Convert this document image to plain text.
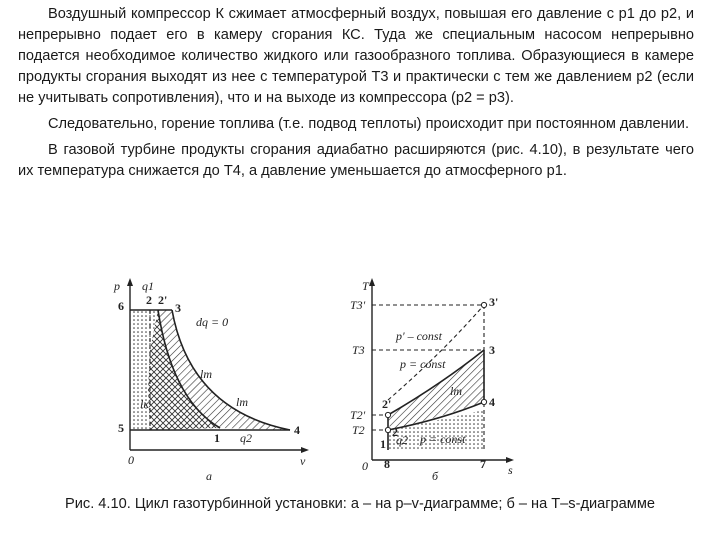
Воздушный компрессор К сжимает атмосферный воздух, повышая его давление с p1 до p2, и непрерывно подает его в камеру сгорания КС. Туда же специальным насосом непрерывно подается необходимое количество жидкого или газообразного топлива. Образующиеся в камере продукты сгорания выходят из нее с температурой T3 и практически с тем же давлением p2 (если не учитывать сопротивления), что и на выходе из компрессора (p2 = p3).

Следовательно, горение топлива (т.е. подвод теплоты) происходит при постоянном давлении.

В газовой турбине продукты сгорания адиабатно расширяются (рис. 4.10), в результате чего их температура снижается до T4, а давление уменьшается до атмосферного p1.

p q1
v
0
6 2 2'
3
5
1
4
dq = 0
lm
lк	lт
q2
а
T
s
0
T3'
T3
T2'
T2
p' – const
p = const
p = const
3'
3
2'
2
4
1
8	7
lт
q2
б
Рис. 4.10. Цикл газотурбинной установки: а – на p–v-диаграмме; б – на T–s-диаграмме
